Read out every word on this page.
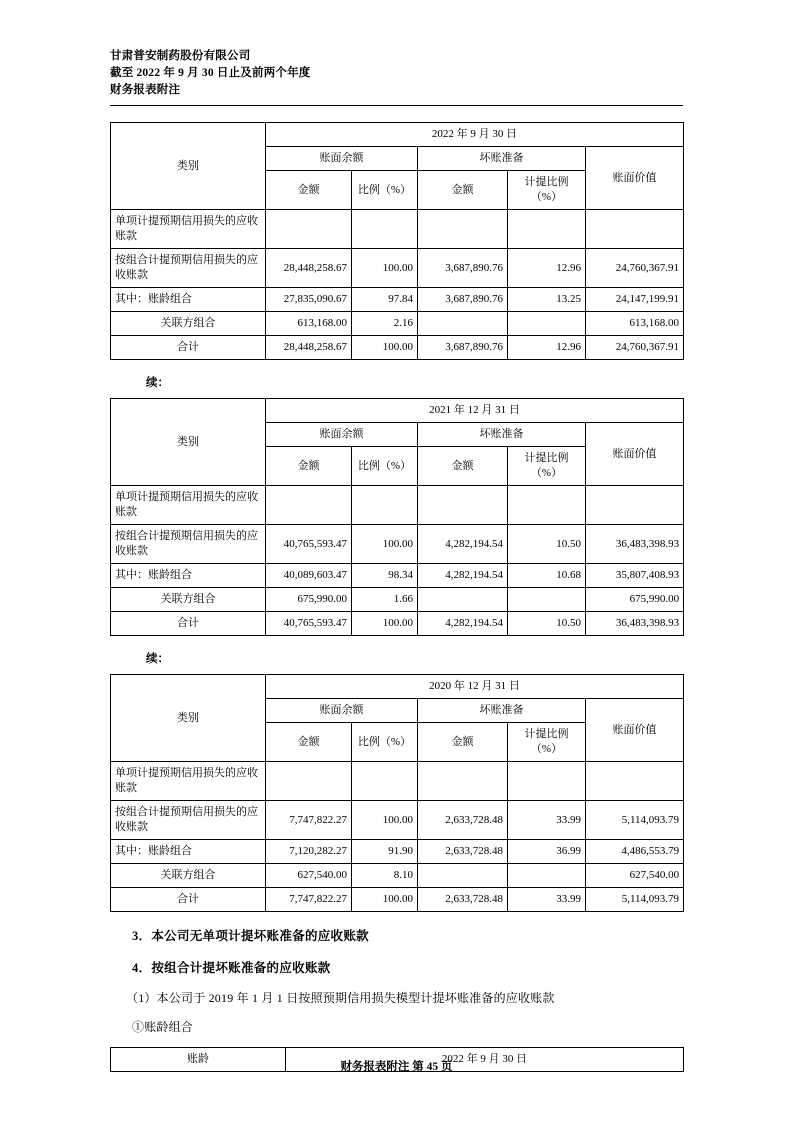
甘肃普安制药股份有限公司
截至 2022 年 9 月 30 日止及前两个年度
财务报表附注
类别	2022 年 9 月 30 日				
	账面余额		坏账准备		账面价值
	金额	比例（%）	金额	计提比例（%）	
单项计提预期信用损失的应收账款					
按组合计提预期信用损失的应收账款	28,448,258.67	100.00	3,687,890.76	12.96	24,760,367.91
其中：账龄组合	27,835,090.67	97.84	3,687,890.76	13.25	24,147,199.91
关联方组合	613,168.00	2.16			613,168.00
合计	28,448,258.67	100.00	3,687,890.76	12.96	24,760,367.91
续：
类别	2021 年 12 月 31 日				
	账面余额		坏账准备		账面价值
	金额	比例（%）	金额	计提比例（%）	
单项计提预期信用损失的应收账款					
按组合计提预期信用损失的应收账款	40,765,593.47	100.00	4,282,194.54	10.50	36,483,398.93
其中：账龄组合	40,089,603.47	98.34	4,282,194.54	10.68	35,807,408.93
关联方组合	675,990.00	1.66			675,990.00
合计	40,765,593.47	100.00	4,282,194.54	10.50	36,483,398.93
续：
类别	2020 年 12 月 31 日				
	账面余额		坏账准备		账面价值
	金额	比例（%）	金额	计提比例（%）	
单项计提预期信用损失的应收账款					
按组合计提预期信用损失的应收账款	7,747,822.27	100.00	2,633,728.48	33.99	5,114,093.79
其中：账龄组合	7,120,282.27	91.90	2,633,728.48	36.99	4,486,553.79
关联方组合	627,540.00	8.10			627,540.00
合计	7,747,822.27	100.00	2,633,728.48	33.99	5,114,093.79
3．本公司无单项计提坏账准备的应收账款
4．按组合计提坏账准备的应收账款
（1）本公司于 2019 年 1 月 1 日按照预期信用损失模型计提坏账准备的应收账款
①账龄组合
账龄	2022 年 9 月 30 日
财务报表附注 第 45 页
